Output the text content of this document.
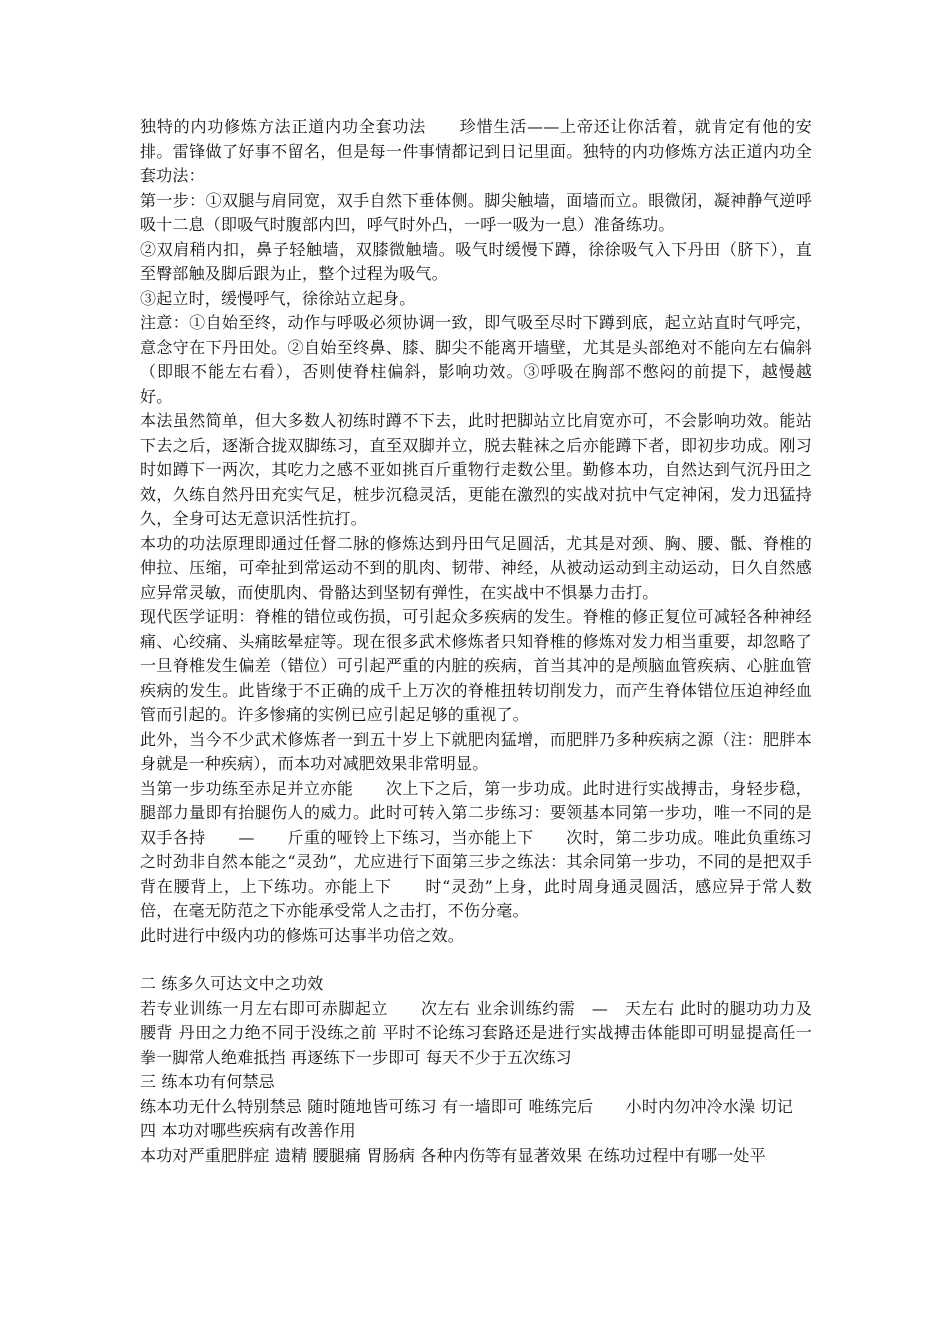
独特的内功修炼方法正道内功全套功法　　珍惜生活——上帝还让你活着，就肯定有他的安排。雷锋做了好事不留名，但是每一件事情都记到日记里面。独特的内功修炼方法正道内功全套功法：

第一步：①双腿与肩同宽，双手自然下垂体侧。脚尖触墙，面墙而立。眼微闭，凝神静气逆呼吸十二息（即吸气时腹部内凹，呼气时外凸，一呼一吸为一息）准备练功。

②双肩稍内扣，鼻子轻触墙，双膝微触墙。吸气时缓慢下蹲，徐徐吸气入下丹田（脐下），直至臀部触及脚后跟为止，整个过程为吸气。

③起立时，缓慢呼气，徐徐站立起身。

注意：①自始至终，动作与呼吸必须协调一致，即气吸至尽时下蹲到底，起立站直时气呼完，意念守在下丹田处。②自始至终鼻、膝、脚尖不能离开墙壁，尤其是头部绝对不能向左右偏斜（即眼不能左右看），否则使脊柱偏斜，影响功效。③呼吸在胸部不憋闷的前提下，越慢越好。

本法虽然简单，但大多数人初练时蹲不下去，此时把脚站立比肩宽亦可，不会影响功效。能站下去之后，逐渐合拢双脚练习，直至双脚并立，脱去鞋袜之后亦能蹲下者，即初步功成。刚习时如蹲下一两次，其吃力之感不亚如挑百斤重物行走数公里。勤修本功，自然达到气沉丹田之效，久练自然丹田充实气足，桩步沉稳灵活，更能在激烈的实战对抗中气定神闲，发力迅猛持久，全身可达无意识活性抗打。

本功的功法原理即通过任督二脉的修炼达到丹田气足圆活，尤其是对颈、胸、腰、骶、脊椎的伸拉、压缩，可牵扯到常运动不到的肌肉、韧带、神经，从被动运动到主动运动，日久自然感应异常灵敏，而使肌肉、骨骼达到坚韧有弹性，在实战中不惧暴力击打。

现代医学证明：脊椎的错位或伤损，可引起众多疾病的发生。脊椎的修正复位可减轻各种神经痛、心绞痛、头痛眩晕症等。现在很多武术修炼者只知脊椎的修炼对发力相当重要，却忽略了一旦脊椎发生偏差（错位）可引起严重的内脏的疾病，首当其冲的是颅脑血管疾病、心脏血管疾病的发生。此皆缘于不正确的成千上万次的脊椎扭转切削发力，而产生脊体错位压迫神经血管而引起的。许多惨痛的实例已应引起足够的重视了。

此外，当今不少武术修炼者一到五十岁上下就肥肉猛增，而肥胖乃多种疾病之源（注：肥胖本身就是一种疾病），而本功对减肥效果非常明显。

当第一步功练至赤足并立亦能　　次上下之后，第一步功成。此时进行实战搏击，身轻步稳，腿部力量即有抬腿伤人的威力。此时可转入第二步练习：要领基本同第一步功，唯一不同的是双手各持　　—　　斤重的哑铃上下练习，当亦能上下　　次时，第二步功成。唯此负重练习之时劲非自然本能之“灵劲”，尤应进行下面第三步之练法：其余同第一步功，不同的是把双手背在腰背上，上下练功。亦能上下　　时“灵劲”上身，此时周身通灵圆活，感应异于常人数倍，在毫无防范之下亦能承受常人之击打，不伤分毫。

此时进行中级内功的修炼可达事半功倍之效。

二 练多久可达文中之功效

若专业训练一月左右即可赤脚起立　　次左右 业余训练约需　—　天左右 此时的腿功功力及腰背 丹田之力绝不同于没练之前 平时不论练习套路还是进行实战搏击体能即可明显提高任一拳一脚常人绝难抵挡 再逐练下一步即可 每天不少于五次练习

三 练本功有何禁忌

练本功无什么特别禁忌 随时随地皆可练习 有一墙即可 唯练完后　　小时内勿冲冷水澡 切记

四 本功对哪些疾病有改善作用

本功对严重肥胖症 遗精 腰腿痛 胃肠病 各种内伤等有显著效果 在练功过程中有哪一处平
